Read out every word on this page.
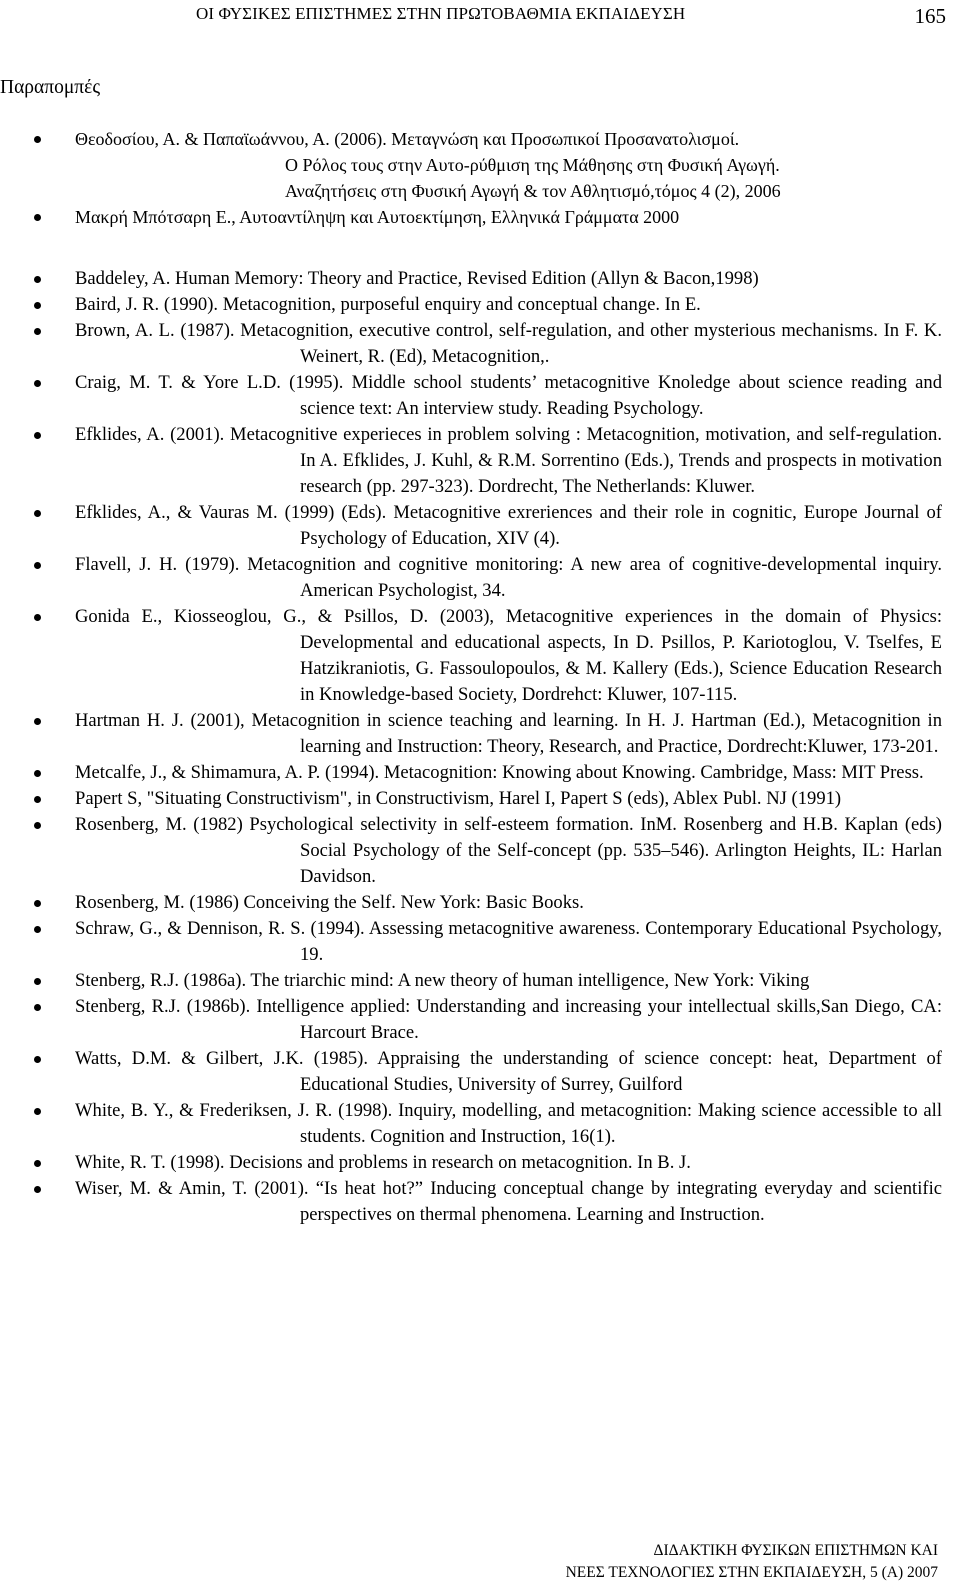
ΟΙ ΦΥΣΙΚΕΣ ΕΠΙΣΤΗΜΕΣ ΣΤΗΝ ΠΡΩΤΟΒΑΘΜΙΑ ΕΚΠΑΙΔΕΥΣΗ	165
Παραπομπές
Θεοδοσίου, Α. & Παπαϊωάννου, Α. (2006). Μεταγνώση και Προσωπικοί Προσανατολισμοί.
Ο Ρόλος τους στην Αυτο-ρύθμιση της Μάθησης στη Φυσική Αγωγή.
Αναζητήσεις στη Φυσική Αγωγή & τον Αθλητισμό,τόμος 4 (2), 2006
Μακρή Μπότσαρη Ε., Αυτοαντίληψη και Αυτοεκτίμηση, Ελληνικά Γράμματα 2000
Baddeley, A. Human Memory: Theory and Practice, Revised Edition (Allyn & Bacon,1998)
Baird, J. R. (1990). Metacognition, purposeful enquiry and conceptual change. In E.
Brown, A. L. (1987). Metacognition, executive control, self-regulation, and other mysterious mechanisms. In F. K. Weinert, R. (Ed), Metacognition,.
Craig, M. T. & Yore L.D. (1995). Middle school students’ metacognitive Knoledge about science reading and science text: An interview study. Reading Psychology.
Efklides, A. (2001). Metacognitive experieces in problem solving : Metacognition, motivation, and self-regulation. In A. Efklides, J. Kuhl, & R.M. Sorrentino (Eds.), Trends and prospects in motivation research (pp. 297-323). Dordrecht, The Netherlands: Kluwer.
Efklides, A., & Vauras M. (1999) (Eds). Metacognitive exreriences and their role in cognitic, Europe Journal of Psychology of Education, XIV (4).
Flavell, J. H. (1979). Metacognition and cognitive monitoring: A new area of cognitive-developmental inquiry. American Psychologist, 34.
Gonida E., Kiosseoglou, G., & Psillos, D. (2003), Metacognitive experiences in the domain of Physics: Developmental and educational aspects, In D. Psillos, P. Kariotoglou, V. Tselfes, E Hatzikraniotis, G. Fassoulopoulos, & M. Kallery (Eds.), Science Education Research in Knowledge-based Society, Dordrehct: Kluwer, 107-115.
Hartman H. J. (2001), Metacognition in science teaching and learning. In H. J. Hartman (Ed.), Metacognition in learning and Instruction: Theory, Research, and Practice, Dordrecht:Kluwer, 173-201.
Metcalfe, J., & Shimamura, A. P. (1994). Metacognition: Knowing about Knowing. Cambridge, Mass: MIT Press.
Papert S, "Situating Constructivism", in Constructivism, Harel I, Papert S (eds), Ablex Publ. NJ (1991)
Rosenberg, M. (1982) Psychological selectivity in self-esteem formation. InM. Rosenberg and H.B. Kaplan (eds) Social Psychology of the Self-concept (pp. 535–546). Arlington Heights, IL: Harlan Davidson.
Rosenberg, M. (1986) Conceiving the Self. New York: Basic Books.
Schraw, G., & Dennison, R. S. (1994). Assessing metacognitive awareness. Contemporary Educational Psychology, 19.
Stenberg, R.J. (1986a). The triarchic mind: A new theory of human intelligence, New York: Viking
Stenberg, R.J. (1986b). Intelligence applied: Understanding and increasing your intellectual skills,San Diego, CA: Harcourt Brace.
Watts, D.M. & Gilbert, J.K. (1985). Appraising the understanding of science concept: heat, Department of Educational Studies, University of Surrey, Guilford
White, B. Y., & Frederiksen, J. R. (1998). Inquiry, modelling, and metacognition: Making science accessible to all students. Cognition and Instruction, 16(1).
White, R. T. (1998). Decisions and problems in research on metacognition. In B. J.
Wiser, M. & Amin, T. (2001). “Is heat hot?” Inducing conceptual change by integrating everyday and scientific perspectives on thermal phenomena. Learning and Instruction.
ΔΙΔΑΚΤΙΚΗ ΦΥΣΙΚΩΝ ΕΠΙΣΤΗΜΩΝ ΚΑΙ
ΝΕΕΣ ΤΕΧΝΟΛΟΓΙΕΣ ΣΤΗΝ ΕΚΠΑΙΔΕΥΣΗ, 5 (Α) 2007
